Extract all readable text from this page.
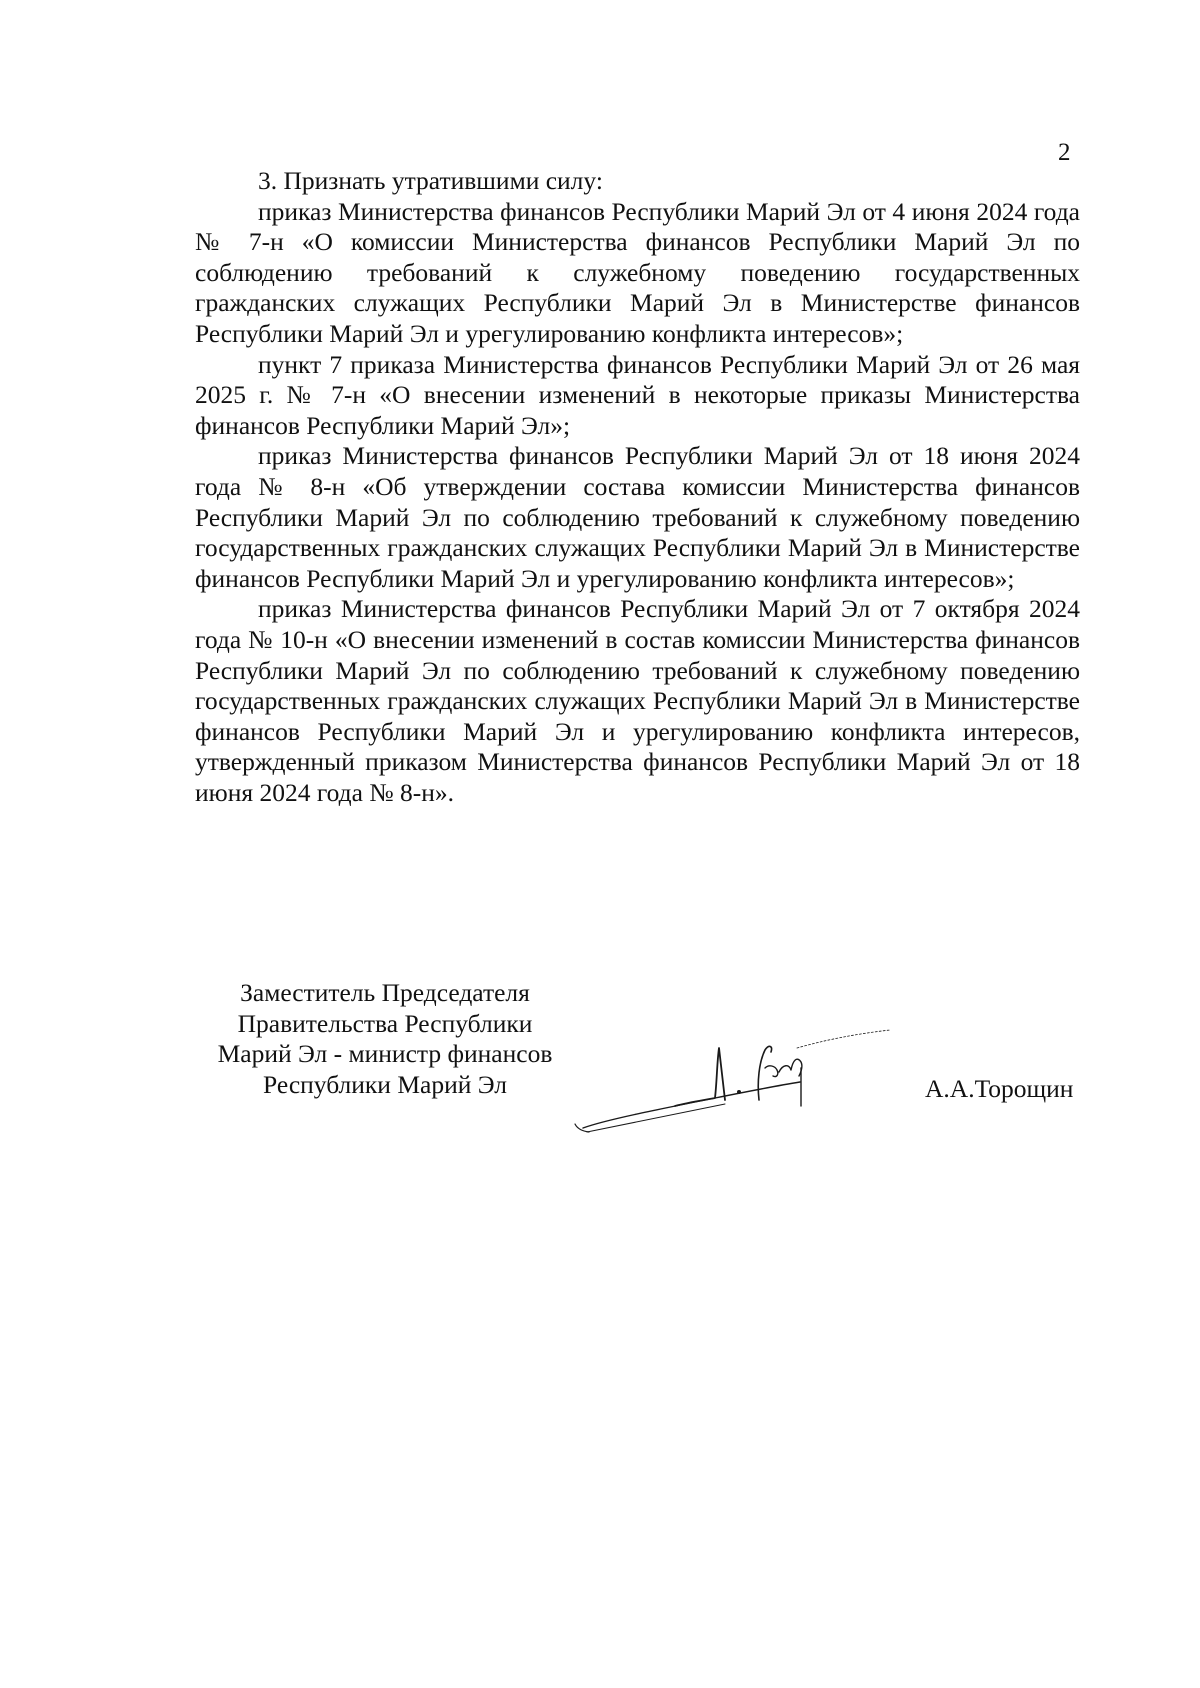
2

3. Признать утратившими силу:

приказ Министерства финансов Республики Марий Эл от 4 июня 2024 года № 7-н «О комиссии Министерства финансов Республики Марий Эл по соблюдению требований к служебному поведению государственных гражданских служащих Республики Марий Эл в Министерстве финансов Республики Марий Эл и урегулированию конфликта интересов»;

пункт 7 приказа Министерства финансов Республики Марий Эл от 26 мая 2025 г. № 7-н «О внесении изменений в некоторые приказы Министерства финансов Республики Марий Эл»;

приказ Министерства финансов Республики Марий Эл от 18 июня 2024 года № 8-н «Об утверждении состава комиссии Министерства финансов Республики Марий Эл по соблюдению требований к служебному поведению государственных гражданских служащих Республики Марий Эл в Министерстве финансов Республики Марий Эл и урегулированию конфликта интересов»;

приказ Министерства финансов Республики Марий Эл от 7 октября 2024 года № 10-н «О внесении изменений в состав комиссии Министерства финансов Республики Марий Эл по соблюдению требований к служебному поведению государственных гражданских служащих Республики Марий Эл в Министерстве финансов Республики Марий Эл и урегулированию конфликта интересов, утвержденный приказом Министерства финансов Республики Марий Эл от 18 июня 2024 года № 8-н».

Заместитель Председателя
Правительства Республики
Марий Эл - министр финансов
Республики Марий Эл	А.А.Торощин
